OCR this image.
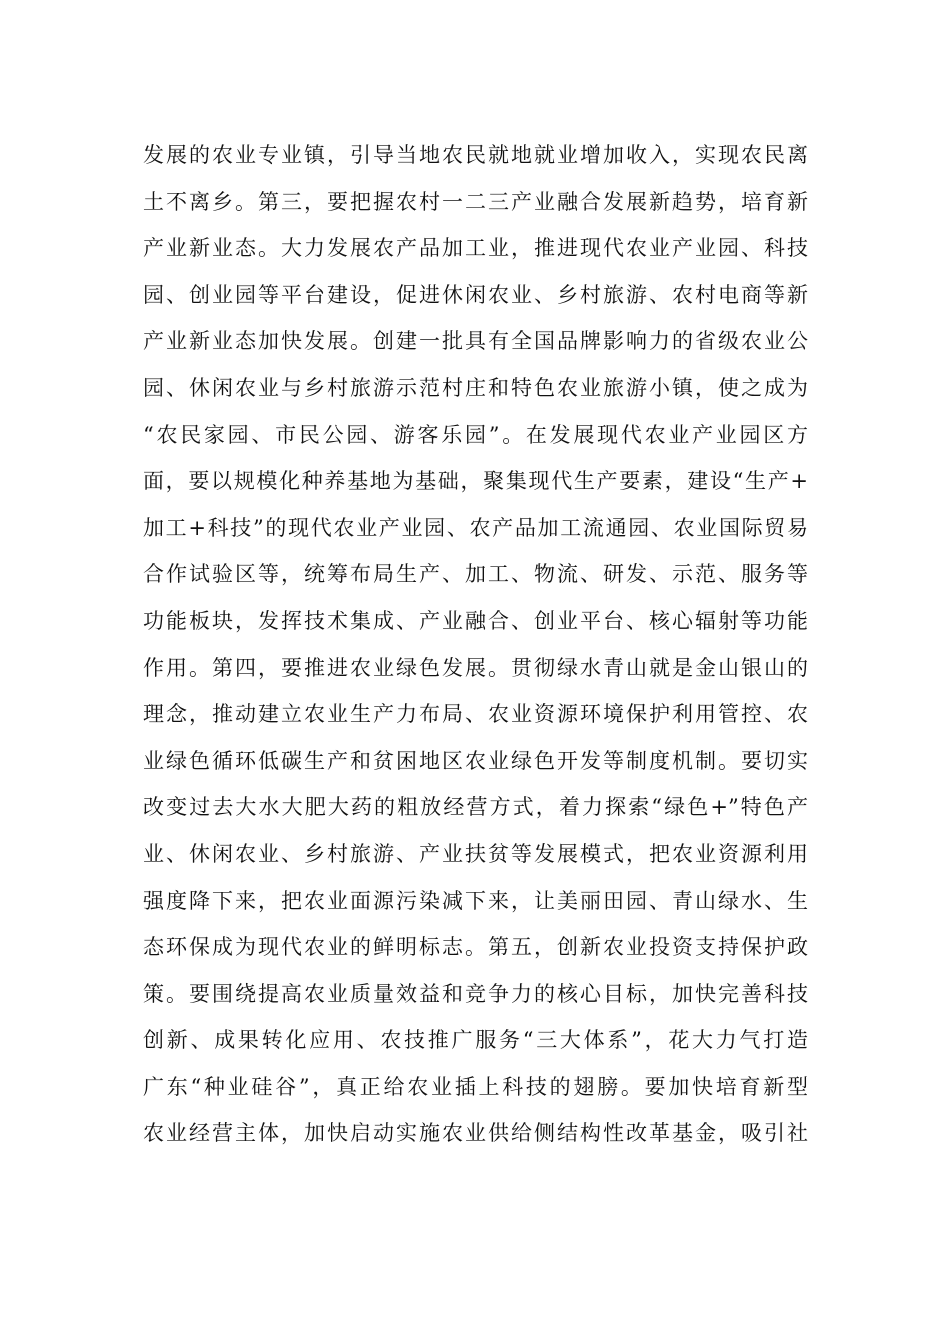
发展的农业专业镇，引导当地农民就地就业增加收入，实现农民离
土不离乡。第三，要把握农村一二三产业融合发展新趋势，培育新
产业新业态。大力发展农产品加工业，推进现代农业产业园、科技
园、创业园等平台建设，促进休闲农业、乡村旅游、农村电商等新
产业新业态加快发展。创建一批具有全国品牌影响力的省级农业公
园、休闲农业与乡村旅游示范村庄和特色农业旅游小镇，使之成为
“农民家园、市民公园、游客乐园”。在发展现代农业产业园区方
面，要以规模化种养基地为基础，聚集现代生产要素，建设“生产+
加工+科技”的现代农业产业园、农产品加工流通园、农业国际贸易
合作试验区等，统筹布局生产、加工、物流、研发、示范、服务等
功能板块，发挥技术集成、产业融合、创业平台、核心辐射等功能
作用。第四，要推进农业绿色发展。贯彻绿水青山就是金山银山的
理念，推动建立农业生产力布局、农业资源环境保护利用管控、农
业绿色循环低碳生产和贫困地区农业绿色开发等制度机制。要切实
改变过去大水大肥大药的粗放经营方式，着力探索“绿色+”特色产
业、休闲农业、乡村旅游、产业扶贫等发展模式，把农业资源利用
强度降下来，把农业面源污染减下来，让美丽田园、青山绿水、生
态环保成为现代农业的鲜明标志。第五，创新农业投资支持保护政
策。要围绕提高农业质量效益和竞争力的核心目标，加快完善科技
创新、成果转化应用、农技推广服务“三大体系”，花大力气打造
广东“种业硅谷”，真正给农业插上科技的翅膀。要加快培育新型
农业经营主体，加快启动实施农业供给侧结构性改革基金，吸引社
